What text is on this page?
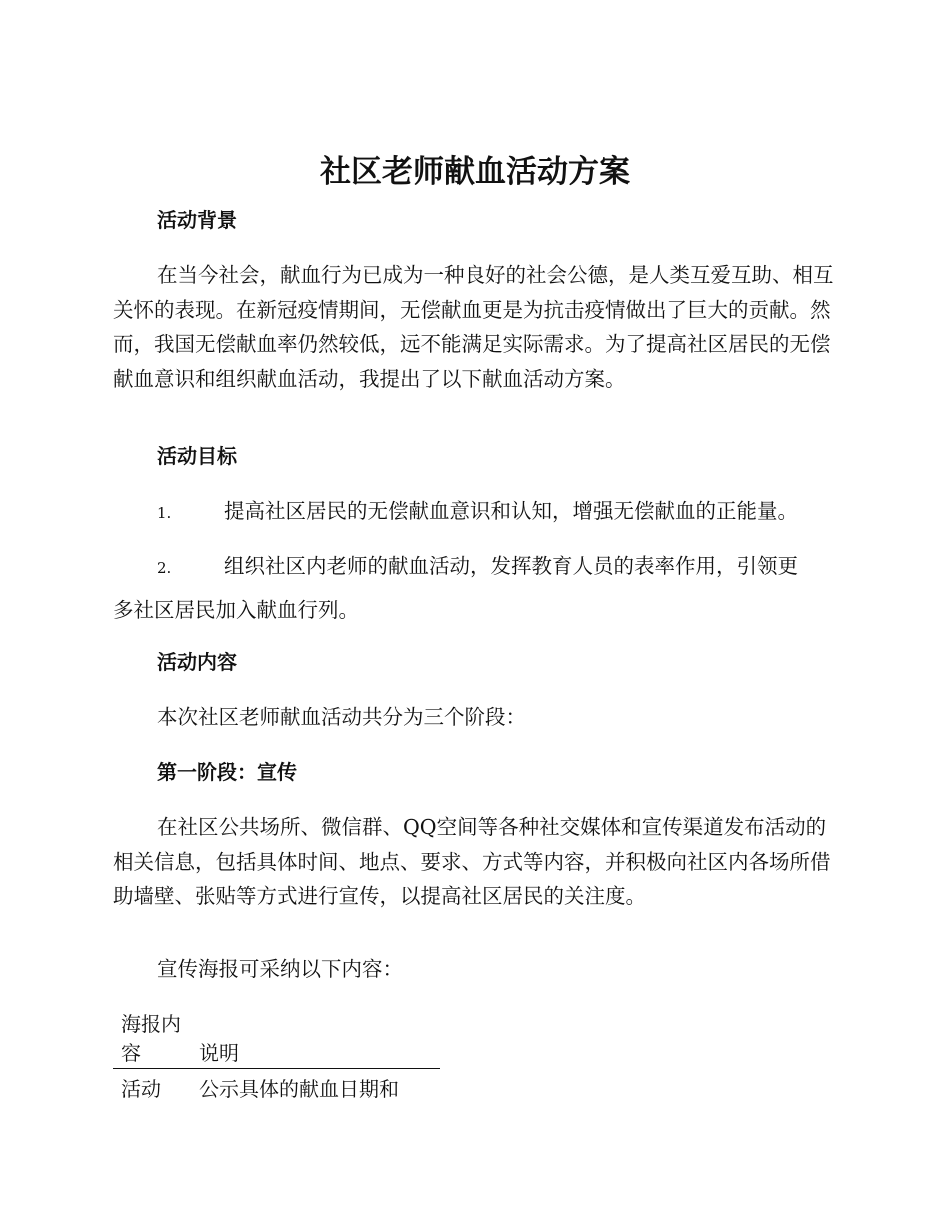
社区老师献血活动方案
活动背景

在当今社会，献血行为已成为一种良好的社会公德，是人类互爱互助、相互关怀的表现。在新冠疫情期间，无偿献血更是为抗击疫情做出了巨大的贡献。然而，我国无偿献血率仍然较低，远不能满足实际需求。为了提高社区居民的无偿献血意识和组织献血活动，我提出了以下献血活动方案。

活动目标

1.	提高社区居民的无偿献血意识和认知，增强无偿献血的正能量。

2.	组织社区内老师的献血活动，发挥教育人员的表率作用，引领更
多社区居民加入献血行列。

活动内容

本次社区老师献血活动共分为三个阶段：

第一阶段：宣传

在社区公共场所、微信群、QQ空间等各种社交媒体和宣传渠道发布活动的相关信息，包括具体时间、地点、要求、方式等内容，并积极向社区内各场所借助墙壁、张贴等方式进行宣传，以提高社区居民的关注度。

宣传海报可采纳以下内容：

海报内容	说明
活动	公示具体的献血日期和
